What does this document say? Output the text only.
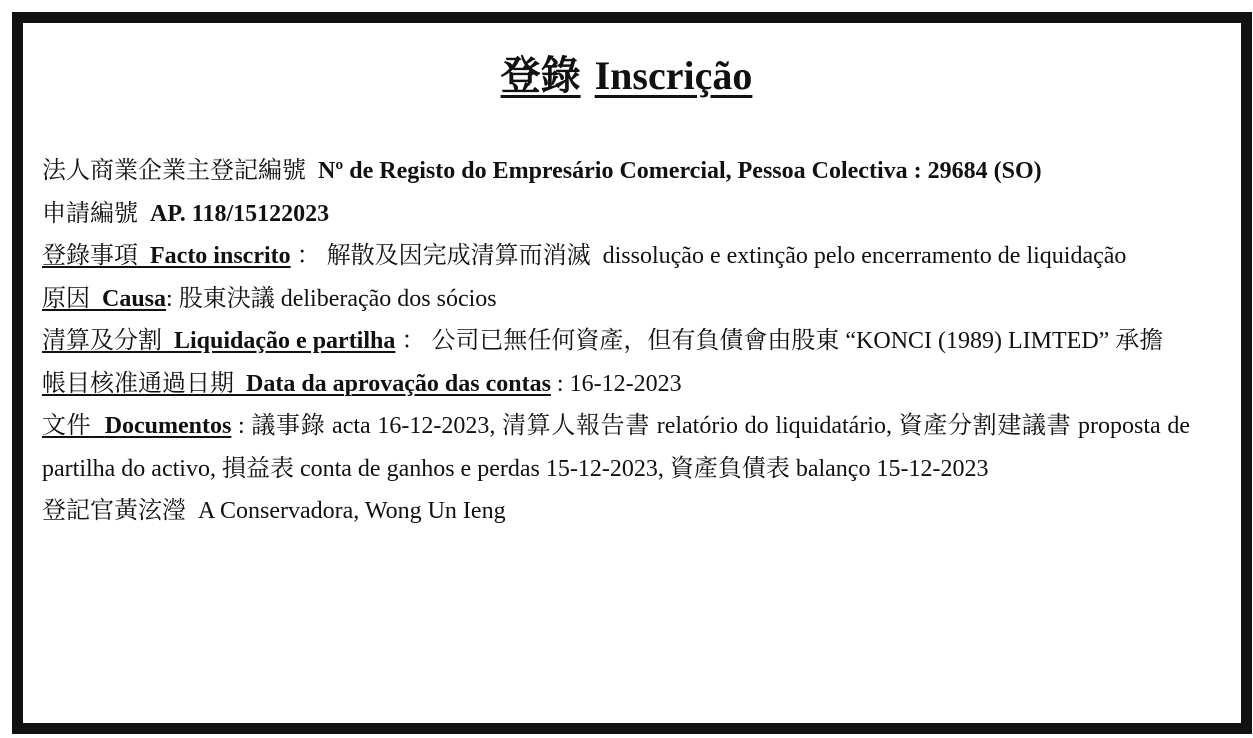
登錄 Inscrição

法人商業企業主登記編號 Nº de Registo do Empresário Comercial, Pessoa Colectiva : 29684 (SO)

申請編號 AP. 118/15122023

登錄事項 Facto inscrito ： 解散及因完成清算而消滅 dissolução e extinção pelo encerramento de liquidação

原因 Causa: 股東決議 deliberação dos sócios

清算及分割 Liquidação e partilha ： 公司已無任何資產，但有負債會由股東 “KONCI (1989) LIMTED” 承擔

帳目核准通過日期 Data da aprovação das contas : 16-12-2023

文件 Documentos : 議事錄 acta 16-12-2023, 清算人報告書 relatório do liquidatário, 資產分割建議書 proposta de partilha do activo, 損益表 conta de ganhos e perdas 15-12-2023, 資產負債表 balanço 15-12-2023

登記官黃泫瀅 A Conservadora, Wong Un Ieng
